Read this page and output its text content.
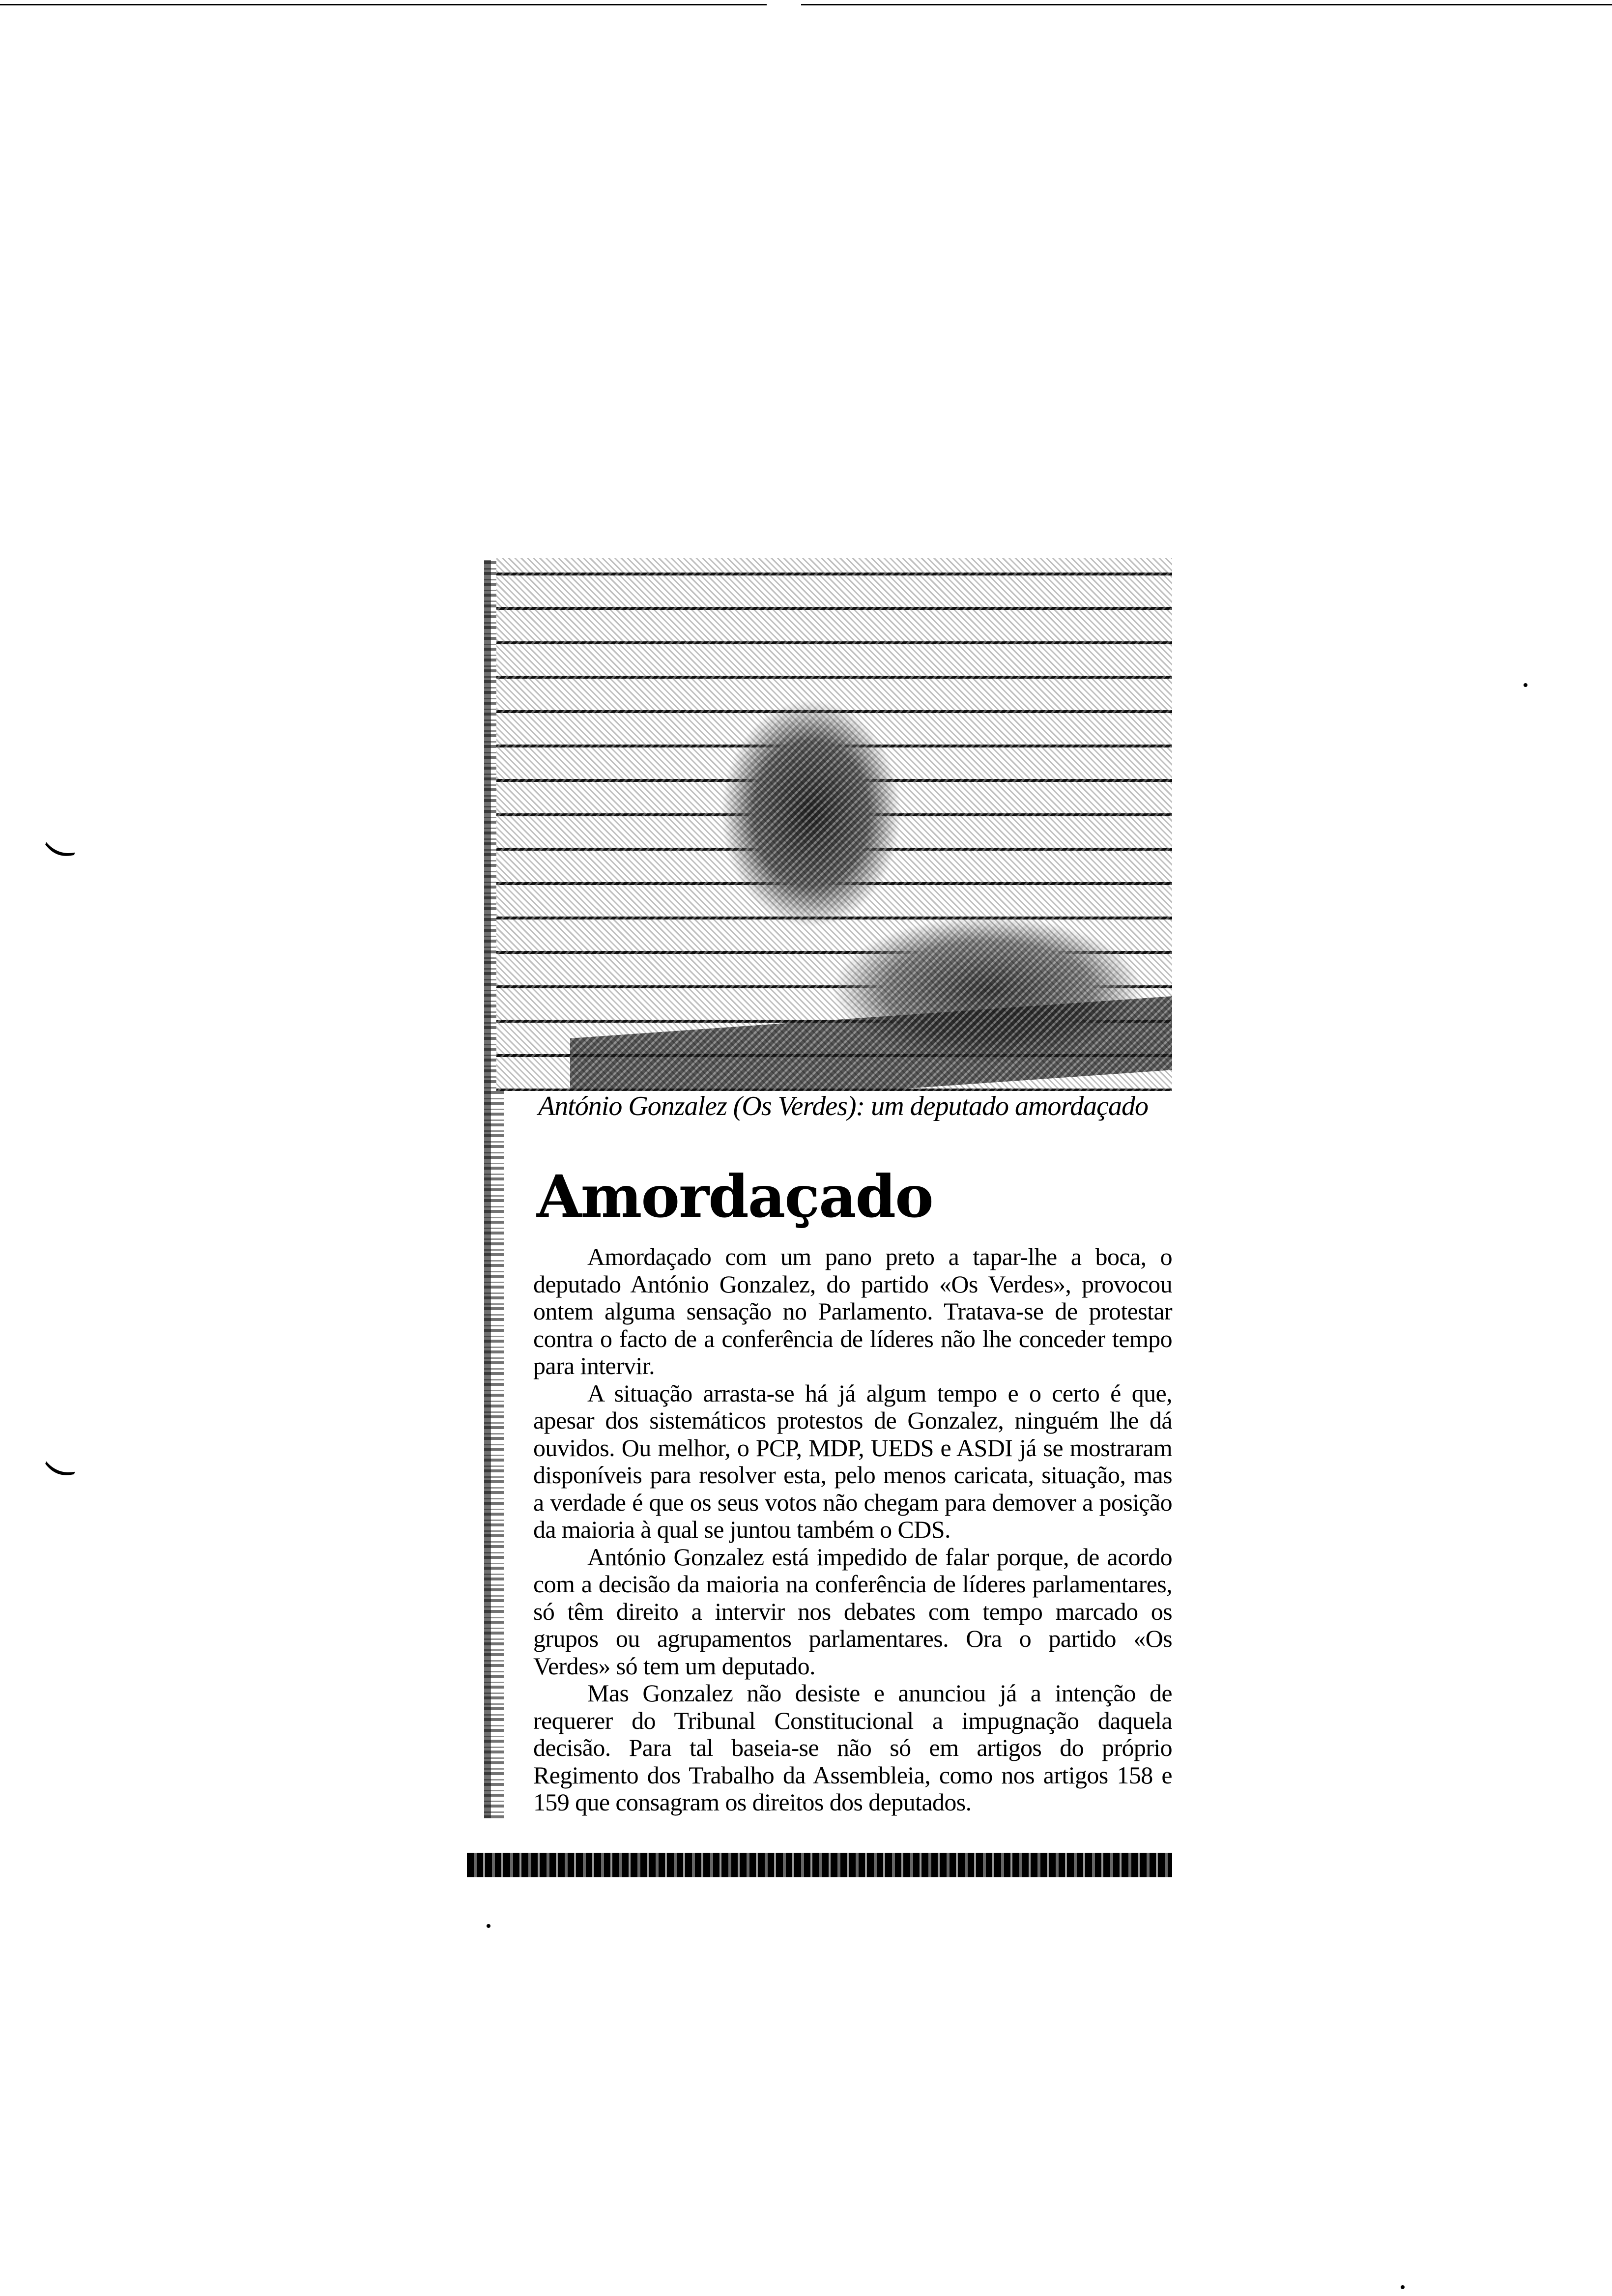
(
(
António Gonzalez (Os Verdes): um deputado amordaçado
Amordaçado

Amordaçado com um pano preto a tapar-lhe a boca, o deputado António Gonzalez, do partido «Os Verdes», provocou ontem alguma sensação no Parlamento. Tratava-se de protestar contra o facto de a conferência de líderes não lhe conceder tempo para intervir.

A situação arrasta-se há já algum tempo e o certo é que, apesar dos sistemáticos protestos de Gonzalez, ninguém lhe dá ouvidos. Ou melhor, o PCP, MDP, UEDS e ASDI já se mostraram disponíveis para resolver esta, pelo menos caricata, situação, mas a verdade é que os seus votos não chegam para demover a posição da maioria à qual se juntou também o CDS.

António Gonzalez está impedido de falar porque, de acordo com a decisão da maioria na conferência de líderes parlamentares, só têm direito a intervir nos debates com tempo marcado os grupos ou agrupamentos parlamentares. Ora o partido «Os Verdes» só tem um deputado.

Mas Gonzalez não desiste e anunciou já a intenção de requerer do Tribunal Constitucional a impugnação daquela decisão. Para tal baseia-se não só em artigos do próprio Regimento dos Trabalho da Assembleia, como nos artigos 158 e 159 que consagram os direitos dos deputados.
